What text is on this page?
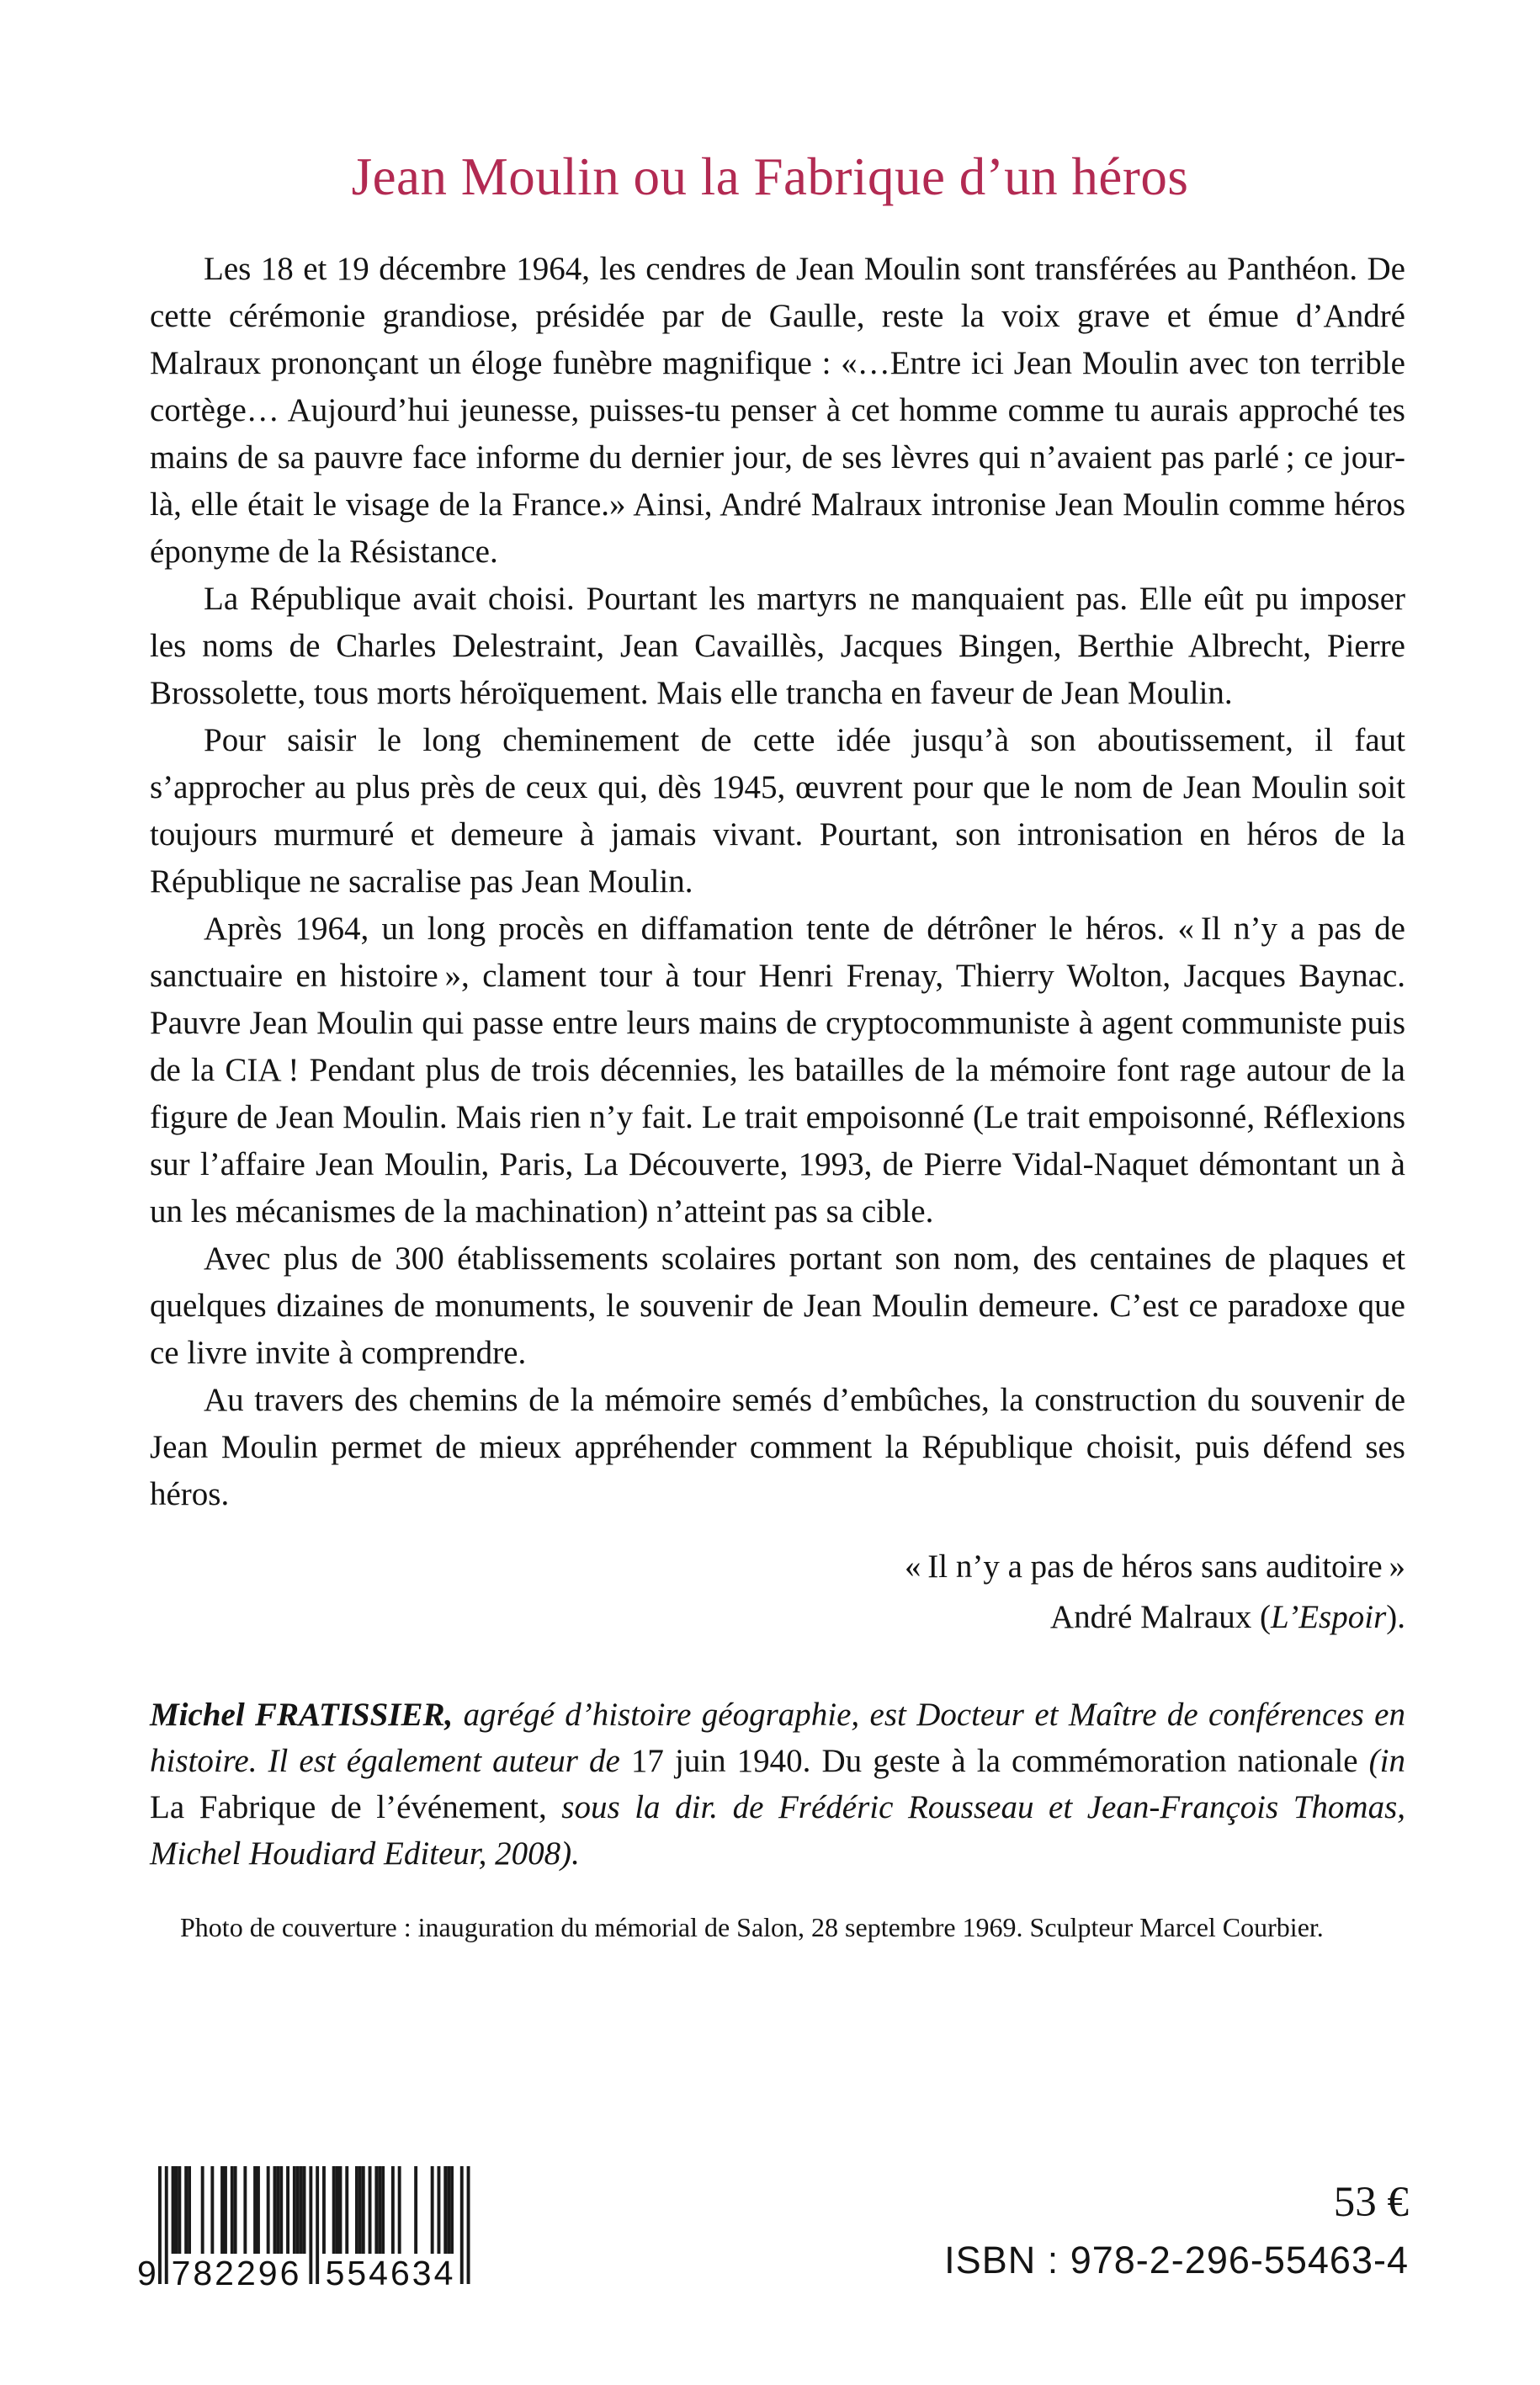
Jean Moulin ou la Fabrique d’un héros

Les 18 et 19 décembre 1964, les cendres de Jean Moulin sont transférées au Panthéon. De cette cérémonie grandiose, présidée par de Gaulle, reste la voix grave et émue d’André Malraux prononçant un éloge funèbre magnifique : «…Entre ici Jean Moulin avec ton terrible cortège… Aujourd’hui jeunesse, puisses-tu penser à cet homme comme tu aurais approché tes mains de sa pauvre face informe du dernier jour, de ses lèvres qui n’avaient pas parlé ; ce jour-là, elle était le visage de la France.» Ainsi, André Malraux intronise Jean Moulin comme héros éponyme de la Résistance.

La République avait choisi. Pourtant les martyrs ne manquaient pas. Elle eût pu imposer les noms de Charles Delestraint, Jean Cavaillès, Jacques Bingen, Berthie Albrecht, Pierre Brossolette, tous morts héroïquement. Mais elle trancha en faveur de Jean Moulin.

Pour saisir le long cheminement de cette idée jusqu’à son aboutissement, il faut s’approcher au plus près de ceux qui, dès 1945, œuvrent pour que le nom de Jean Moulin soit toujours murmuré et demeure à jamais vivant. Pourtant, son intronisation en héros de la République ne sacralise pas Jean Moulin.

Après 1964, un long procès en diffamation tente de détrôner le héros. « Il n’y a pas de sanctuaire en histoire », clament tour à tour Henri Frenay, Thierry Wolton, Jacques Baynac. Pauvre Jean Moulin qui passe entre leurs mains de cryptocommuniste à agent communiste puis de la CIA ! Pendant plus de trois décennies, les batailles de la mémoire font rage autour de la figure de Jean Moulin. Mais rien n’y fait. Le trait empoisonné (Le trait empoisonné, Réflexions sur l’affaire Jean Moulin, Paris, La Découverte, 1993, de Pierre Vidal-Naquet démontant un à un les mécanismes de la machination) n’atteint pas sa cible.

Avec plus de 300 établissements scolaires portant son nom, des centaines de plaques et quelques dizaines de monuments, le souvenir de Jean Moulin demeure. C’est ce paradoxe que ce livre invite à comprendre.

Au travers des chemins de la mémoire semés d’embûches, la construction du souvenir de Jean Moulin permet de mieux appréhender comment la République choisit, puis défend ses héros.

« Il n’y a pas de héros sans auditoire »
André Malraux (L’Espoir).

Michel FRATISSIER, agrégé d’histoire géographie, est Docteur et Maître de conférences en histoire. Il est également auteur de 17 juin 1940. Du geste à la commémoration nationale (in La Fabrique de l’événement, sous la dir. de Frédéric Rousseau et Jean-François Thomas, Michel Houdiard Editeur, 2008).

Photo de couverture : inauguration du mémorial de Salon, 28 septembre 1969. Sculpteur Marcel Courbier.

9 782296 554634
53 €
ISBN : 978-2-296-55463-4
